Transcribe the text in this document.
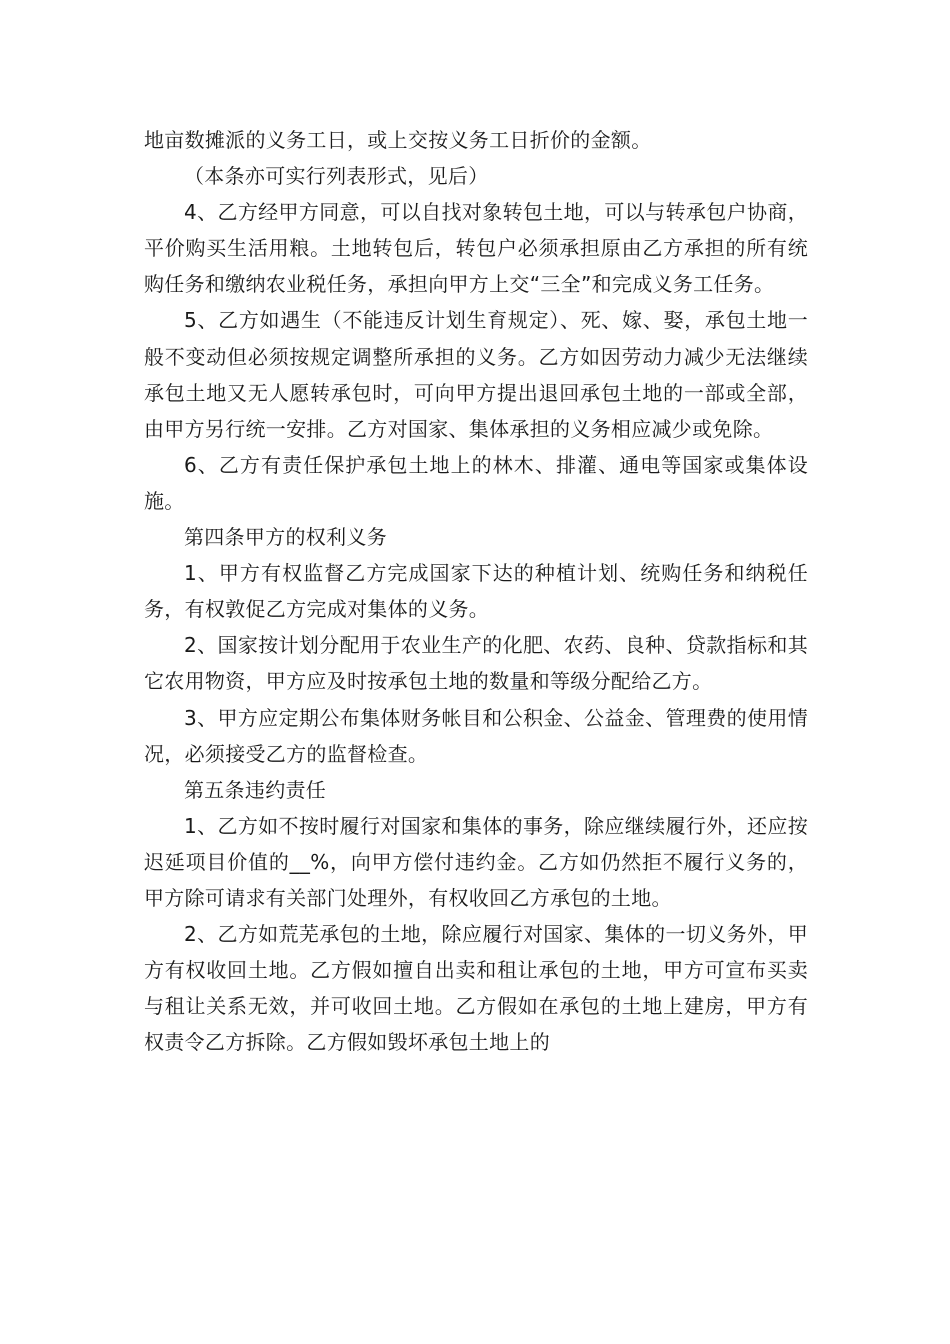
地亩数摊派的义务工日，或上交按义务工日折价的金额。

（本条亦可实行列表形式，见后）

4、乙方经甲方同意，可以自找对象转包土地，可以与转承包户协商，平价购买生活用粮。土地转包后，转包户必须承担原由乙方承担的所有统购任务和缴纳农业税任务，承担向甲方上交“三全”和完成义务工任务。

5、乙方如遇生（不能违反计划生育规定）、死、嫁、娶，承包土地一般不变动但必须按规定调整所承担的义务。乙方如因劳动力减少无法继续承包土地又无人愿转承包时，可向甲方提出退回承包土地的一部或全部，由甲方另行统一安排。乙方对国家、集体承担的义务相应减少或免除。

6、乙方有责任保护承包土地上的林木、排灌、通电等国家或集体设施。

第四条甲方的权利义务

1、甲方有权监督乙方完成国家下达的种植计划、统购任务和纳税任务，有权敦促乙方完成对集体的义务。

2、国家按计划分配用于农业生产的化肥、农药、良种、贷款指标和其它农用物资，甲方应及时按承包土地的数量和等级分配给乙方。

3、甲方应定期公布集体财务帐目和公积金、公益金、管理费的使用情况，必须接受乙方的监督检查。

第五条违约责任

1、乙方如不按时履行对国家和集体的事务，除应继续履行外，还应按迟延项目价值的__%，向甲方偿付违约金。乙方如仍然拒不履行义务的，甲方除可请求有关部门处理外，有权收回乙方承包的土地。

2、乙方如荒芜承包的土地，除应履行对国家、集体的一切义务外，甲方有权收回土地。乙方假如擅自出卖和租让承包的土地，甲方可宣布买卖与租让关系无效，并可收回土地。乙方假如在承包的土地上建房，甲方有权责令乙方拆除。乙方假如毁坏承包土地上的
